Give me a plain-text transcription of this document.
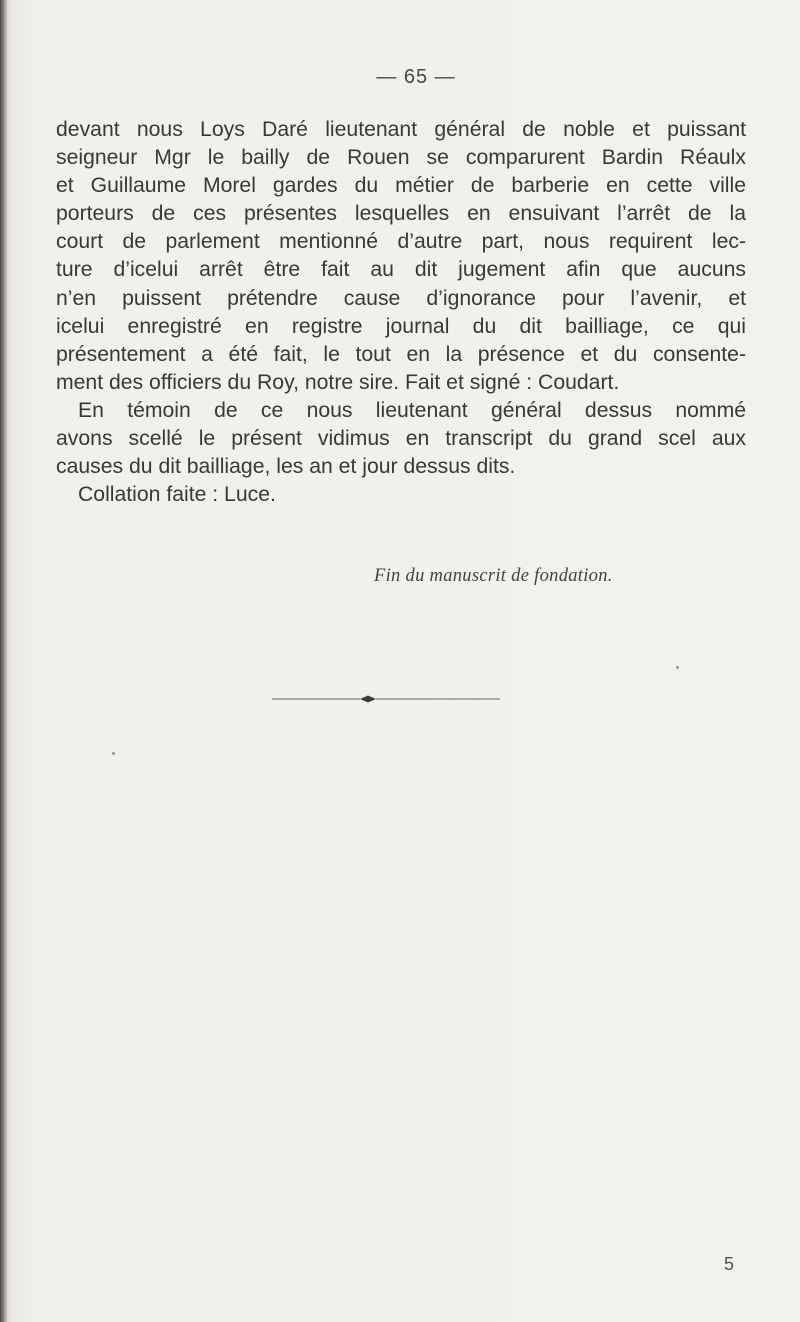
— 65 —

devant nous Loys Daré lieutenant général de noble et puissant
seigneur Mgr le bailly de Rouen se comparurent Bardin Réaulx
et Guillaume Morel gardes du métier de barberie en cette ville
porteurs de ces présentes lesquelles en ensuivant l’arrêt de la
court de parlement mentionné d’autre part, nous requirent lec-
ture d’icelui arrêt être fait au dit jugement afin que aucuns
n’en puissent prétendre cause d’ignorance pour l’avenir, et
icelui enregistré en registre journal du dit bailliage, ce qui
présentement a été fait, le tout en la présence et du consente-
ment des officiers du Roy, notre sire. Fait et signé : Coudart.

En témoin de ce nous lieutenant général dessus nommé
avons scellé le présent vidimus en transcript du grand scel aux
causes du dit bailliage, les an et jour dessus dits.

Collation faite : Luce.

Fin du manuscrit de fondation.
5
